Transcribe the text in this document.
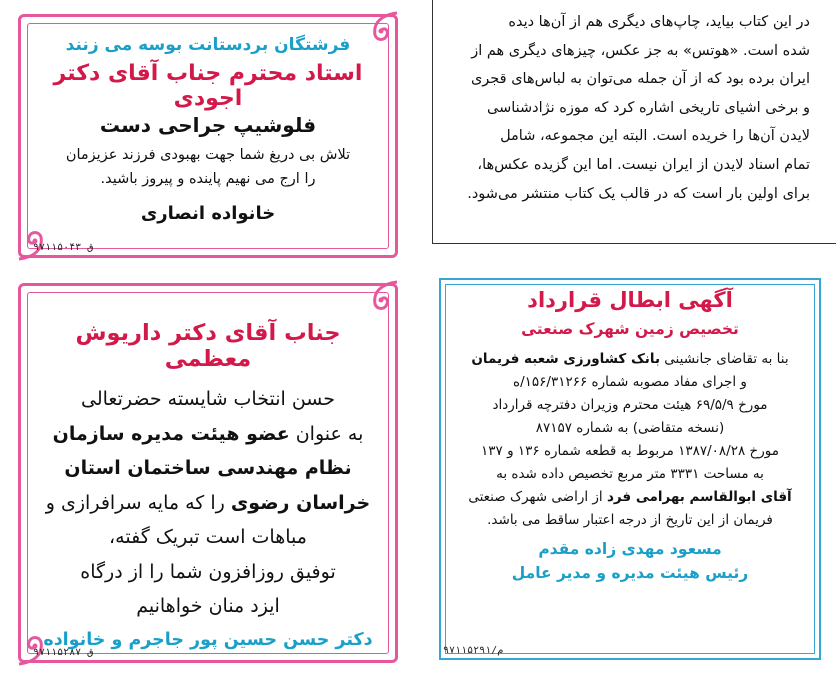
در این کتاب بیاید، چاپ‌های دیگری هم از آن‌ها دیده
شده است. «هوتس» به جز عکس، چیزهای دیگری هم از
ایران برده بود که از آن جمله می‌توان به لباس‌های قجری
و برخی اشیای تاریخی اشاره کرد که موزه نژادشناسی
لایدن آن‌ها را خریده است. البته این مجموعه، شامل
تمام اسناد لایدن از ایران نیست. اما این گزیده عکس‌ها،
برای اولین بار است که در قالب یک کتاب منتشر می‌شود.
فرشتگان بردستانت بوسه می زنند
استاد محترم جناب آقای دکتر اجودی
فلوشیپ جراحی دست
تلاش بی دریغ شما جهت بهبودی فرزند عزیزمان
را ارج می نهیم پاینده و پیروز باشید.
خانواده انصاری
ق ۹۷۱۱۵۰۴۳
جناب آقای دکتر داریوش معظمی
حسن انتخاب شایسته حضرتعالی
به عنوان عضو هیئت مدیره سازمان
نظام مهندسی ساختمان استان
خراسان رضوی را که مایه سرافرازی و
مباهات است تبریک گفته،
توفیق روزافزون شما را از درگاه
ایزد منان خواهانیم
دکتر حسن حسین پور جاجرم و خانواده
ق ۹۷۱۱۵۲۸۷
آگهی ابطال قرارداد
تخصیص زمین شهرک صنعتی
بنا به تقاضای جانشینی بانک کشاورزی شعبه فریمان
و اجرای مفاد مصوبه شماره ۱۵۶/۳۱۲۶۶/ه
مورخ ۶۹/۵/۹ هیئت محترم وزیران دفترچه قرارداد
(نسخه متقاضی) به شماره ۸۷۱۵۷
مورخ ۱۳۸۷/۰۸/۲۸ مربوط به قطعه شماره ۱۳۶ و ۱۳۷
به مساحت ۳۳۳۱ متر مربع تخصیص داده شده به
آقای ابوالقاسم بهرامی فرد از اراضی شهرک صنعتی
فریمان از این تاریخ از درجه اعتبار ساقط می باشد.
مسعود مهدی زاده مقدم
رئیس هیئت مدیره و مدیر عامل
م/۹۷۱۱۵۲۹۱
